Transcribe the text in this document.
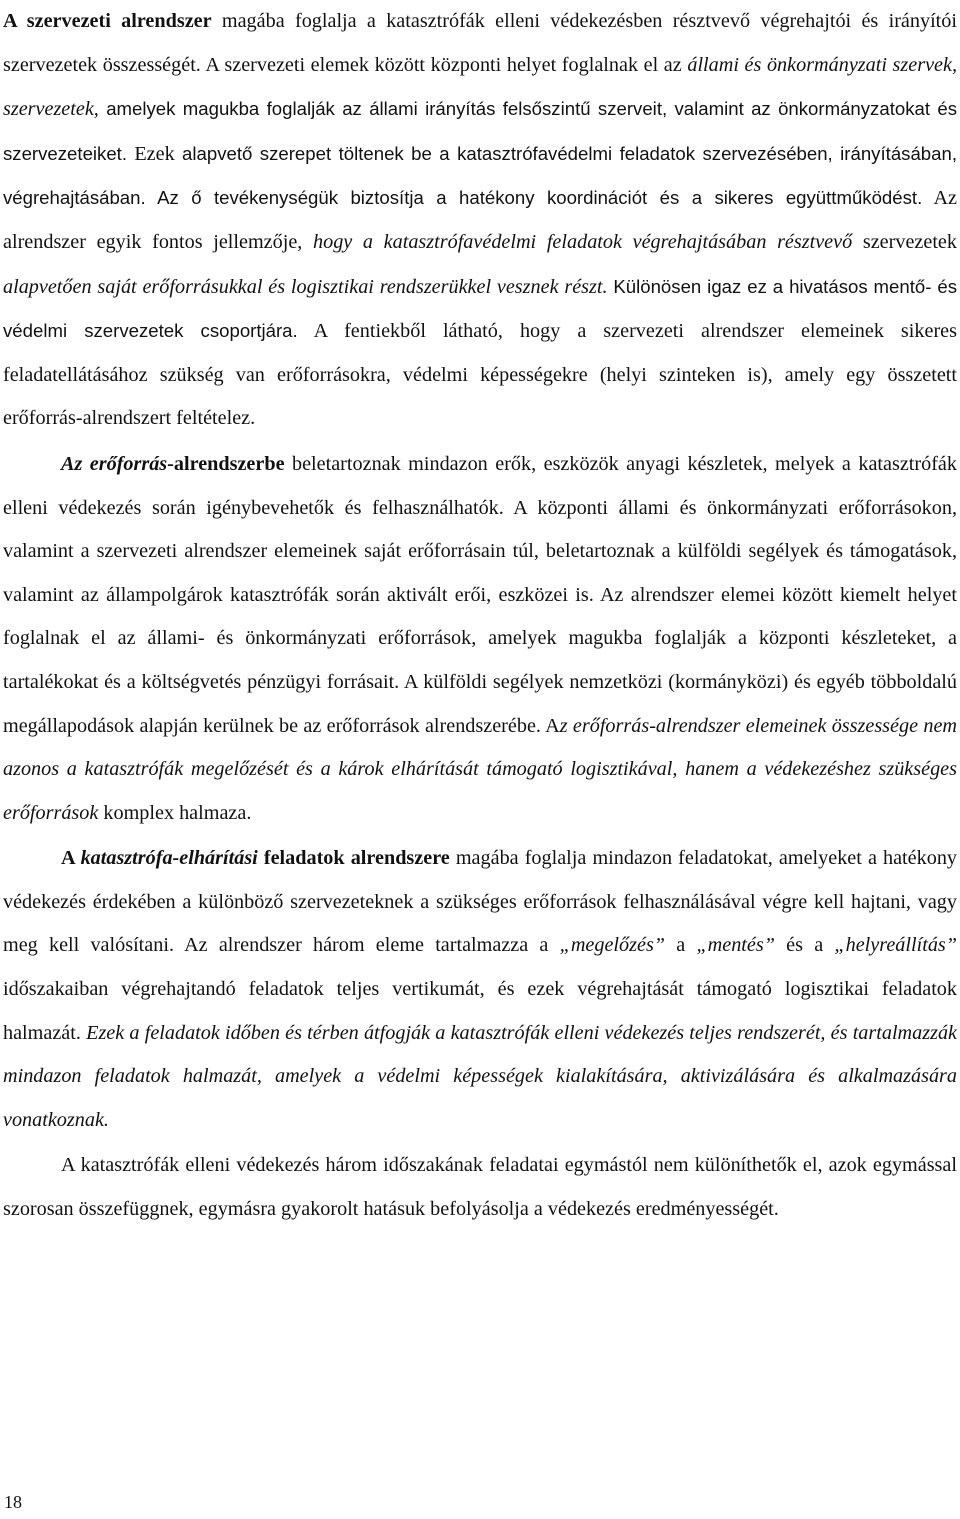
A szervezeti alrendszer magába foglalja a katasztrófák elleni védekezésben résztvevő végrehajtói és irányítói szervezetek összességét. A szervezeti elemek között központi helyet foglalnak el az állami és önkormányzati szervek, szervezetek, amelyek magukba foglalják az állami irányítás felsőszintű szerveit, valamint az önkormányzatokat és szervezeteiket. Ezek alapvető szerepet töltenek be a katasztrófavédelmi feladatok szervezésében, irányításában, végrehajtásában. Az ő tevékenységük biztosítja a hatékony koordinációt és a sikeres együttműködést. Az alrendszer egyik fontos jellemzője, hogy a katasztrófavédelmi feladatok végrehajtásában résztvevő szervezetek alapvetően saját erőforrásukkal és logisztikai rendszerükkel vesznek részt. Különösen igaz ez a hivatásos mentő- és védelmi szervezetek csoportjára. A fentiekből látható, hogy a szervezeti alrendszer elemeinek sikeres feladatellátásához szükség van erőforrásokra, védelmi képességekre (helyi szinteken is), amely egy összetett erőforrás-alrendszert feltételez.

Az erőforrás-alrendszerbe beletartoznak mindazon erők, eszközök anyagi készletek, melyek a katasztrófák elleni védekezés során igénybevehetők és felhasználhatók. A központi állami és önkormányzati erőforrásokon, valamint a szervezeti alrendszer elemeinek saját erőforrásain túl, beletartoznak a külföldi segélyek és támogatások, valamint az állampolgárok katasztrófák során aktivált erői, eszközei is. Az alrendszer elemei között kiemelt helyet foglalnak el az állami- és önkormányzati erőforrások, amelyek magukba foglalják a központi készleteket, a tartalékokat és a költségvetés pénzügyi forrásait. A külföldi segélyek nemzetközi (kormányközi) és egyéb többoldalú megállapodások alapján kerülnek be az erőforrások alrendszerébe. Az erőforrás-alrendszer elemeinek összessége nem azonos a katasztrófák megelőzését és a károk elhárítását támogató logisztikával, hanem a védekezéshez szükséges erőforrások komplex halmaza.

A katasztrófa-elhárítási feladatok alrendszere magába foglalja mindazon feladatokat, amelyeket a hatékony védekezés érdekében a különböző szervezeteknek a szükséges erőforrások felhasználásával végre kell hajtani, vagy meg kell valósítani. Az alrendszer három eleme tartalmazza a „megelőzés” a „mentés” és a „helyreállítás” időszakaiban végrehajtandó feladatok teljes vertikumát, és ezek végrehajtását támogató logisztikai feladatok halmazát. Ezek a feladatok időben és térben átfogják a katasztrófák elleni védekezés teljes rendszerét, és tartalmazzák mindazon feladatok halmazát, amelyek a védelmi képességek kialakítására, aktivizálására és alkalmazására vonatkoznak.

A katasztrófák elleni védekezés három időszakának feladatai egymástól nem különíthetők el, azok egymással szorosan összefüggnek, egymásra gyakorolt hatásuk befolyásolja a védekezés eredményességét.

18
